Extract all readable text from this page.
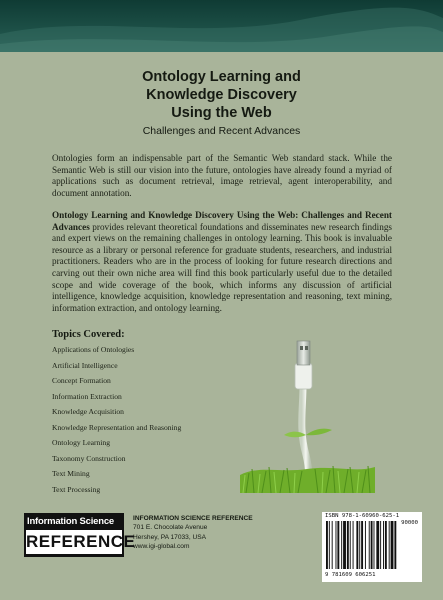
Ontology Learning and
Knowledge Discovery
Using the Web
Challenges and Recent Advances

Ontologies form an indispensable part of the Semantic Web standard stack. While the Semantic Web is still our vision into the future, ontologies have already found a myriad of applications such as document retrieval, image retrieval, agent interoperability, and document annotation.

Ontology Learning and Knowledge Discovery Using the Web: Challenges and Recent Advances provides relevant theoretical foundations and disseminates new research findings and expert views on the remaining challenges in ontology learning. This book is invaluable resource as a library or personal reference for graduate students, researchers, and industrial practitioners. Readers who are in the process of looking for future research directions and carving out their own niche area will find this book particularly useful due to the detailed scope and wide coverage of the book, which informs any discussion of artificial intelligence, knowledge acquisition, knowledge representation and reasoning, text mining, information extraction, and ontology learning.

Topics Covered:
Applications of Ontologies
Artificial Intelligence
Concept Formation
Information Extraction
Knowledge Acquisition
Knowledge Representation and Reasoning
Ontology Learning
Taxonomy Construction
Text Mining
Text Processing
Information Science
REFERENCE
INFORMATION SCIENCE REFERENCE
701 E. Chocolate Avenue
Hershey, PA 17033, USA
www.igi-global.com
ISBN 978-1-60960-625-1
9 781609 606251
90000
